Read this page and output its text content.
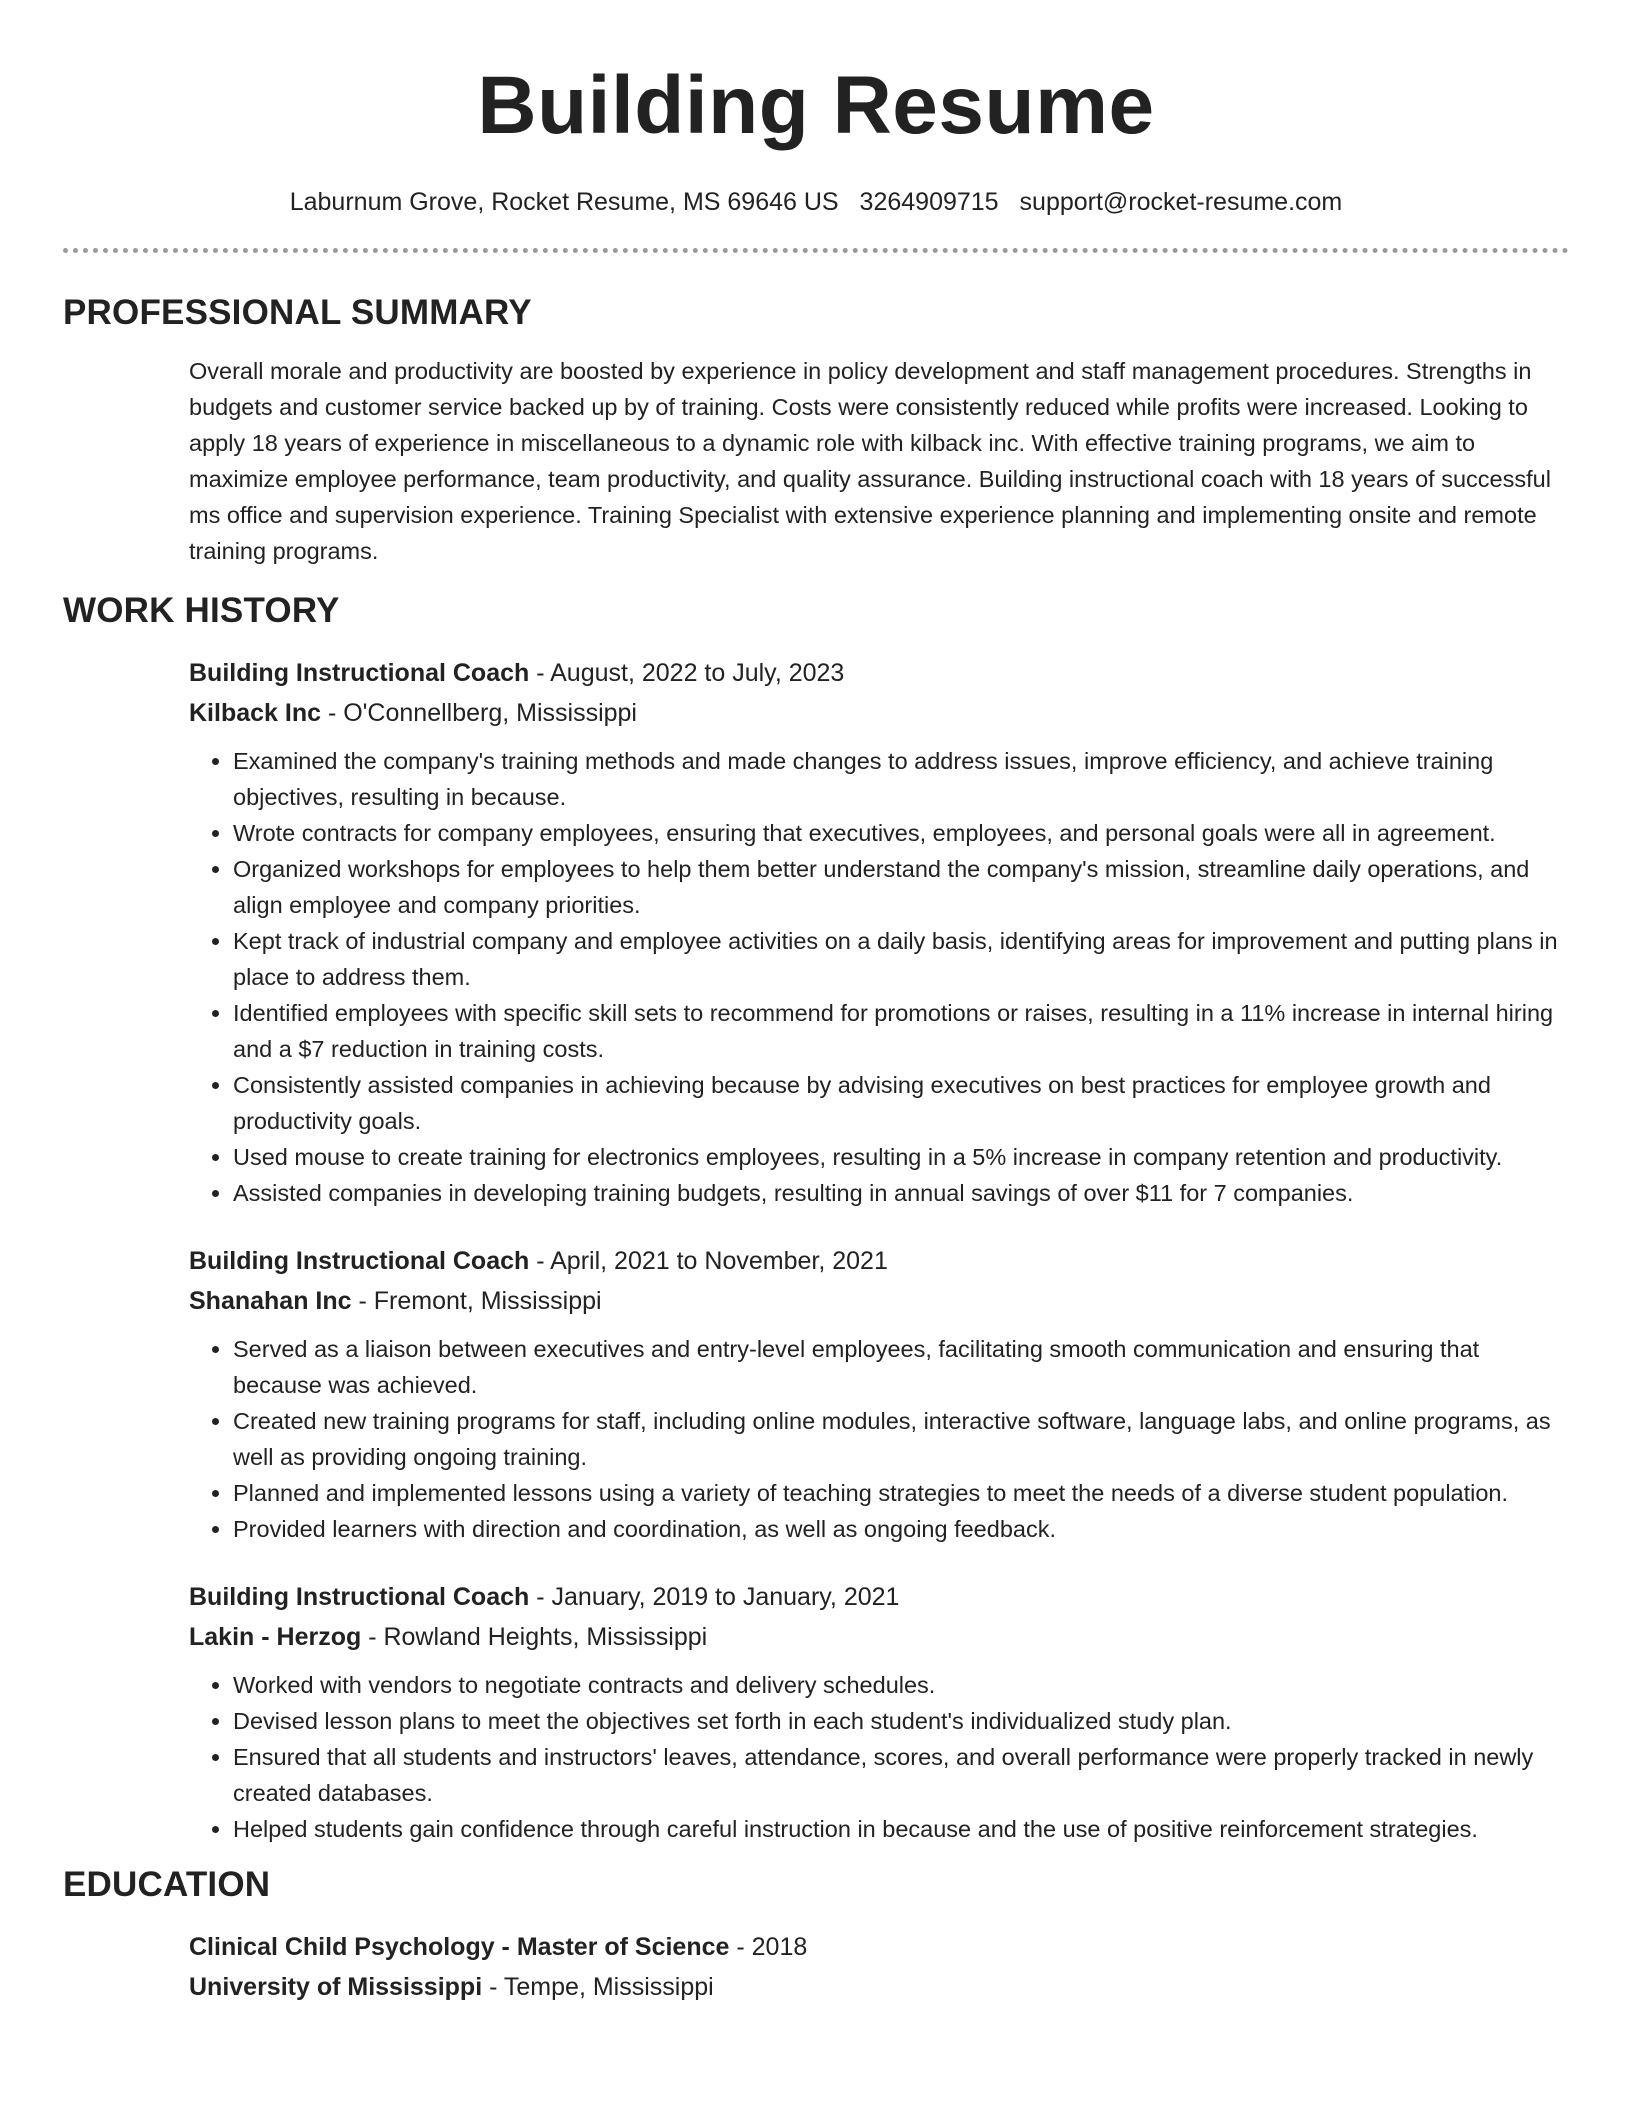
Building Resume
Laburnum Grove, Rocket Resume, MS 69646 US 3264909715 support@rocket-resume.com
PROFESSIONAL SUMMARY
Overall morale and productivity are boosted by experience in policy development and staff management procedures. Strengths in budgets and customer service backed up by of training. Costs were consistently reduced while profits were increased. Looking to apply 18 years of experience in miscellaneous to a dynamic role with kilback inc. With effective training programs, we aim to maximize employee performance, team productivity, and quality assurance. Building instructional coach with 18 years of successful ms office and supervision experience. Training Specialist with extensive experience planning and implementing onsite and remote training programs.
WORK HISTORY
Building Instructional Coach - August, 2022 to July, 2023
Kilback Inc - O'Connellberg, Mississippi
• Examined the company's training methods and made changes to address issues, improve efficiency, and achieve training objectives, resulting in because.
• Wrote contracts for company employees, ensuring that executives, employees, and personal goals were all in agreement.
• Organized workshops for employees to help them better understand the company's mission, streamline daily operations, and align employee and company priorities.
• Kept track of industrial company and employee activities on a daily basis, identifying areas for improvement and putting plans in place to address them.
• Identified employees with specific skill sets to recommend for promotions or raises, resulting in a 11% increase in internal hiring and a $7 reduction in training costs.
• Consistently assisted companies in achieving because by advising executives on best practices for employee growth and productivity goals.
• Used mouse to create training for electronics employees, resulting in a 5% increase in company retention and productivity.
• Assisted companies in developing training budgets, resulting in annual savings of over $11 for 7 companies.
Building Instructional Coach - April, 2021 to November, 2021
Shanahan Inc - Fremont, Mississippi
• Served as a liaison between executives and entry-level employees, facilitating smooth communication and ensuring that because was achieved.
• Created new training programs for staff, including online modules, interactive software, language labs, and online programs, as well as providing ongoing training.
• Planned and implemented lessons using a variety of teaching strategies to meet the needs of a diverse student population.
• Provided learners with direction and coordination, as well as ongoing feedback.
Building Instructional Coach - January, 2019 to January, 2021
Lakin - Herzog - Rowland Heights, Mississippi
• Worked with vendors to negotiate contracts and delivery schedules.
• Devised lesson plans to meet the objectives set forth in each student's individualized study plan.
• Ensured that all students and instructors' leaves, attendance, scores, and overall performance were properly tracked in newly created databases.
• Helped students gain confidence through careful instruction in because and the use of positive reinforcement strategies.
EDUCATION
Clinical Child Psychology - Master of Science - 2018
University of Mississippi - Tempe, Mississippi
